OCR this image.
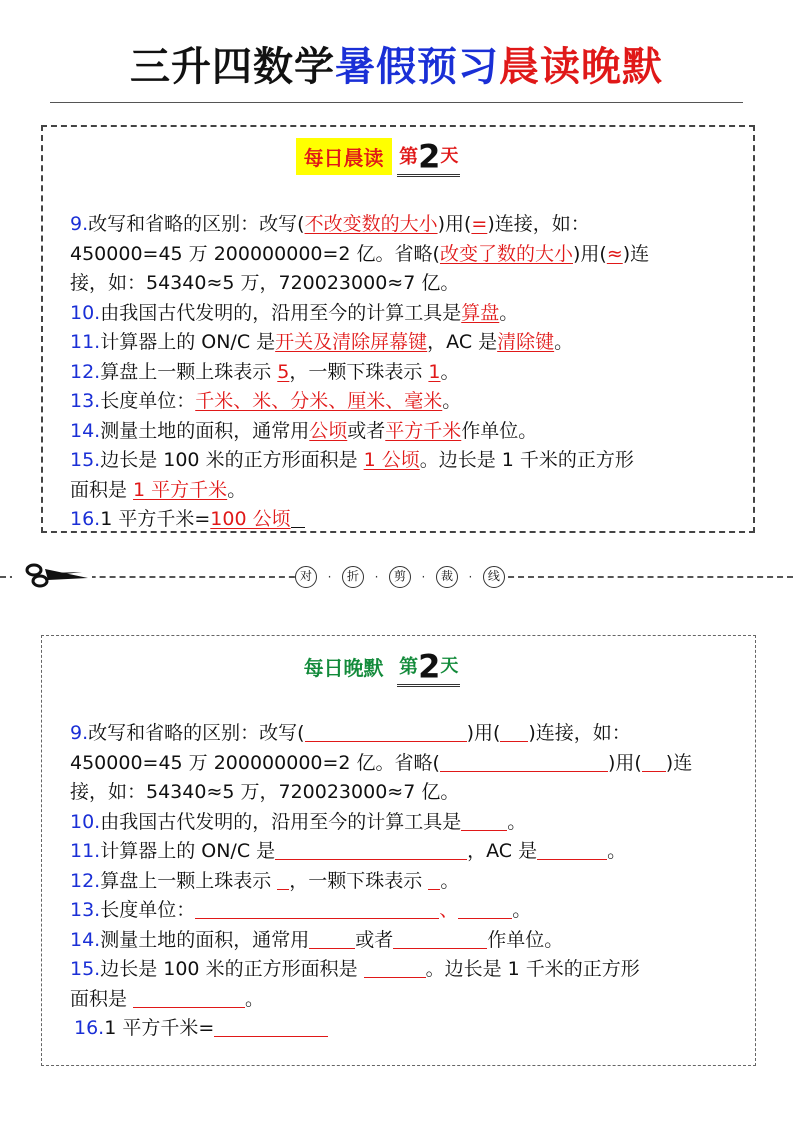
三升四数学暑假预习晨读晚默
每日晨读 第2天
9.改写和省略的区别：改写(不改变数的大小)用(=)连接，如：
450000=45 万 200000000=2 亿。省略(改变了数的大小)用(≈)连
接，如：54340≈5 万，720023000≈7 亿。
10.由我国古代发明的，沿用至今的计算工具是算盘。
11.计算器上的 ON/C 是开关及清除屏幕键，AC 是清除键。
12.算盘上一颗上珠表示 5，一颗下珠表示 1。
13.长度单位：千米、米、分米、厘米、毫米。
14.测量土地的面积，通常用公顷或者平方千米作单位。
15.边长是 100 米的正方形面积是 1 公顷。边长是 1 千米的正方形
面积是 1 平方千米。
16.1 平方千米=100 公顷
对	·	折	·	剪	·	裁	·	线
每日晚默 第2天
9.改写和省略的区别：改写(	)用( )连接，如：
450000=45 万 200000000=2 亿。省略(	)用( )连
接，如：54340≈5 万，720023000≈7 亿。
10.由我国古代发明的，沿用至今的计算工具是 。
11.计算器上的 ON/C 是	，AC 是	。
12.算盘上一颗上珠表示 ，一颗下珠表示 。
13.长度单位：	、	。
14.测量土地的面积，通常用 或者	作单位。
15.边长是 100 米的正方形面积是	。边长是 1 千米的正方形
面积是	。
16.1 平方千米=
